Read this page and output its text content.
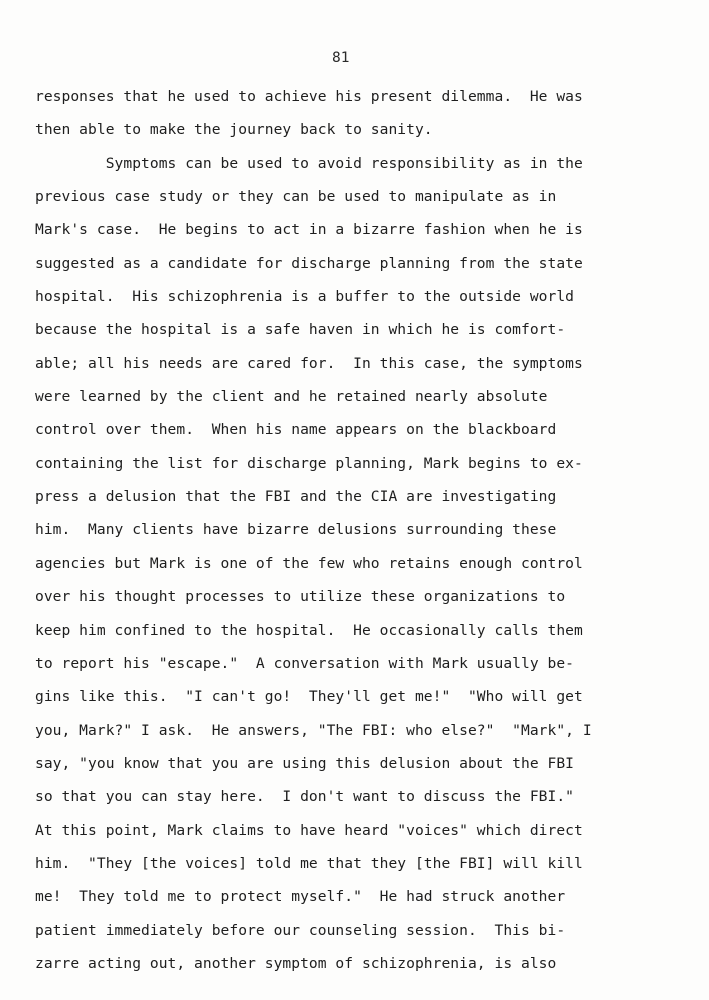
81
responses that he used to achieve his present dilemma.  He was
then able to make the journey back to sanity.
Symptoms can be used to avoid responsibility as in the
previous case study or they can be used to manipulate as in
Mark's case.  He begins to act in a bizarre fashion when he is
suggested as a candidate for discharge planning from the state
hospital.  His schizophrenia is a buffer to the outside world
because the hospital is a safe haven in which he is comfort-
able; all his needs are cared for.  In this case, the symptoms
were learned by the client and he retained nearly absolute
control over them.  When his name appears on the blackboard
containing the list for discharge planning, Mark begins to ex-
press a delusion that the FBI and the CIA are investigating
him.  Many clients have bizarre delusions surrounding these
agencies but Mark is one of the few who retains enough control
over his thought processes to utilize these organizations to
keep him confined to the hospital.  He occasionally calls them
to report his "escape."  A conversation with Mark usually be-
gins like this.  "I can't go!  They'll get me!"  "Who will get
you, Mark?" I ask.  He answers, "The FBI: who else?"  "Mark", I
say, "you know that you are using this delusion about the FBI
so that you can stay here.  I don't want to discuss the FBI."
At this point, Mark claims to have heard "voices" which direct
him.  "They [the voices] told me that they [the FBI] will kill
me!  They told me to protect myself."  He had struck another
patient immediately before our counseling session.  This bi-
zarre acting out, another symptom of schizophrenia, is also
